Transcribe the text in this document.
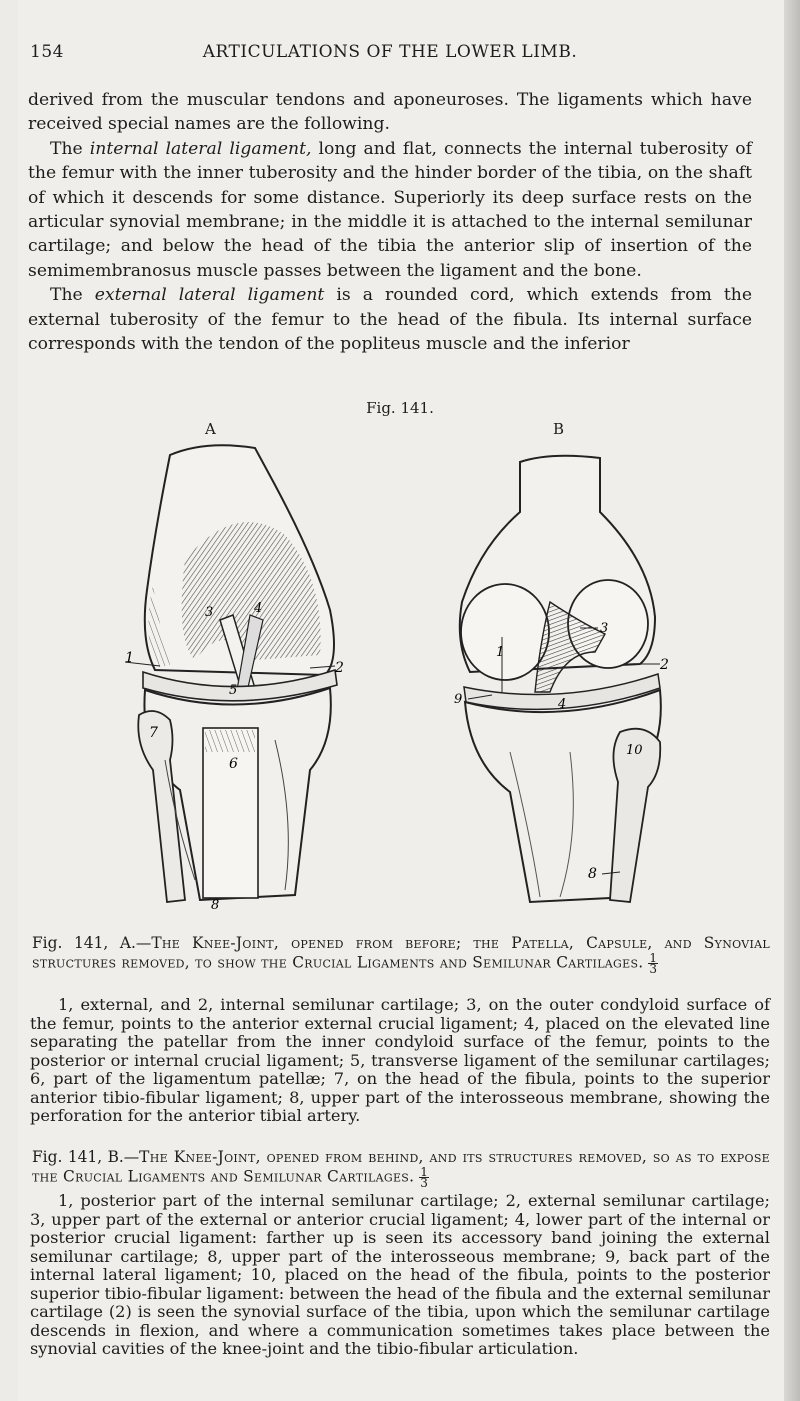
154	ARTICULATIONS OF THE LOWER LIMB.

derived from the muscular tendons and aponeuroses. The ligaments which have received special names are the following.

The internal lateral ligament, long and flat, connects the internal tuberosity of the femur with the inner tuberosity and the hinder border of the tibia, on the shaft of which it descends for some distance. Superiorly its deep surface rests on the articular synovial membrane; in the middle it is attached to the internal semilunar cartilage; and below the head of the tibia the anterior slip of insertion of the semimembranosus muscle passes between the ligament and the bone.

The external lateral ligament is a rounded cord, which extends from the external tuberosity of the femur to the head of the fibula. Its internal surface corresponds with the tendon of the popliteus muscle and the inferior

Fig. 141.
A	B
1
2
3	4
5
6
7
8
1
2
3
4
8
9
10
Fig. 141, A.—The Knee-Joint, opened from before; the Patella, Capsule, and Synovial structures removed, to show the Crucial Ligaments and Semilunar Cartilages. $\frac{1}{3}$

1, external, and 2, internal semilunar cartilage; 3, on the outer condyloid surface of the femur, points to the anterior external crucial ligament; 4, placed on the elevated line separating the patellar from the inner condyloid surface of the femur, points to the posterior or internal crucial ligament; 5, transverse ligament of the semilunar cartilages; 6, part of the ligamentum patellæ; 7, on the head of the fibula, points to the superior anterior tibio-fibular ligament; 8, upper part of the interosseous membrane, showing the perforation for the anterior tibial artery.

Fig. 141, B.—The Knee-Joint, opened from behind, and its structures removed, so as to expose the Crucial Ligaments and Semilunar Cartilages. $\frac{1}{3}$

1, posterior part of the internal semilunar cartilage; 2, external semilunar cartilage; 3, upper part of the external or anterior crucial ligament; 4, lower part of the internal or posterior crucial ligament: farther up is seen its accessory band joining the external semilunar cartilage; 8, upper part of the interosseous membrane; 9, back part of the internal lateral ligament; 10, placed on the head of the fibula, points to the posterior superior tibio-fibular ligament: between the head of the fibula and the external semilunar cartilage (2) is seen the synovial surface of the tibia, upon which the semilunar cartilage descends in flexion, and where a communication sometimes takes place between the synovial cavities of the knee-joint and the tibio-fibular articulation.
